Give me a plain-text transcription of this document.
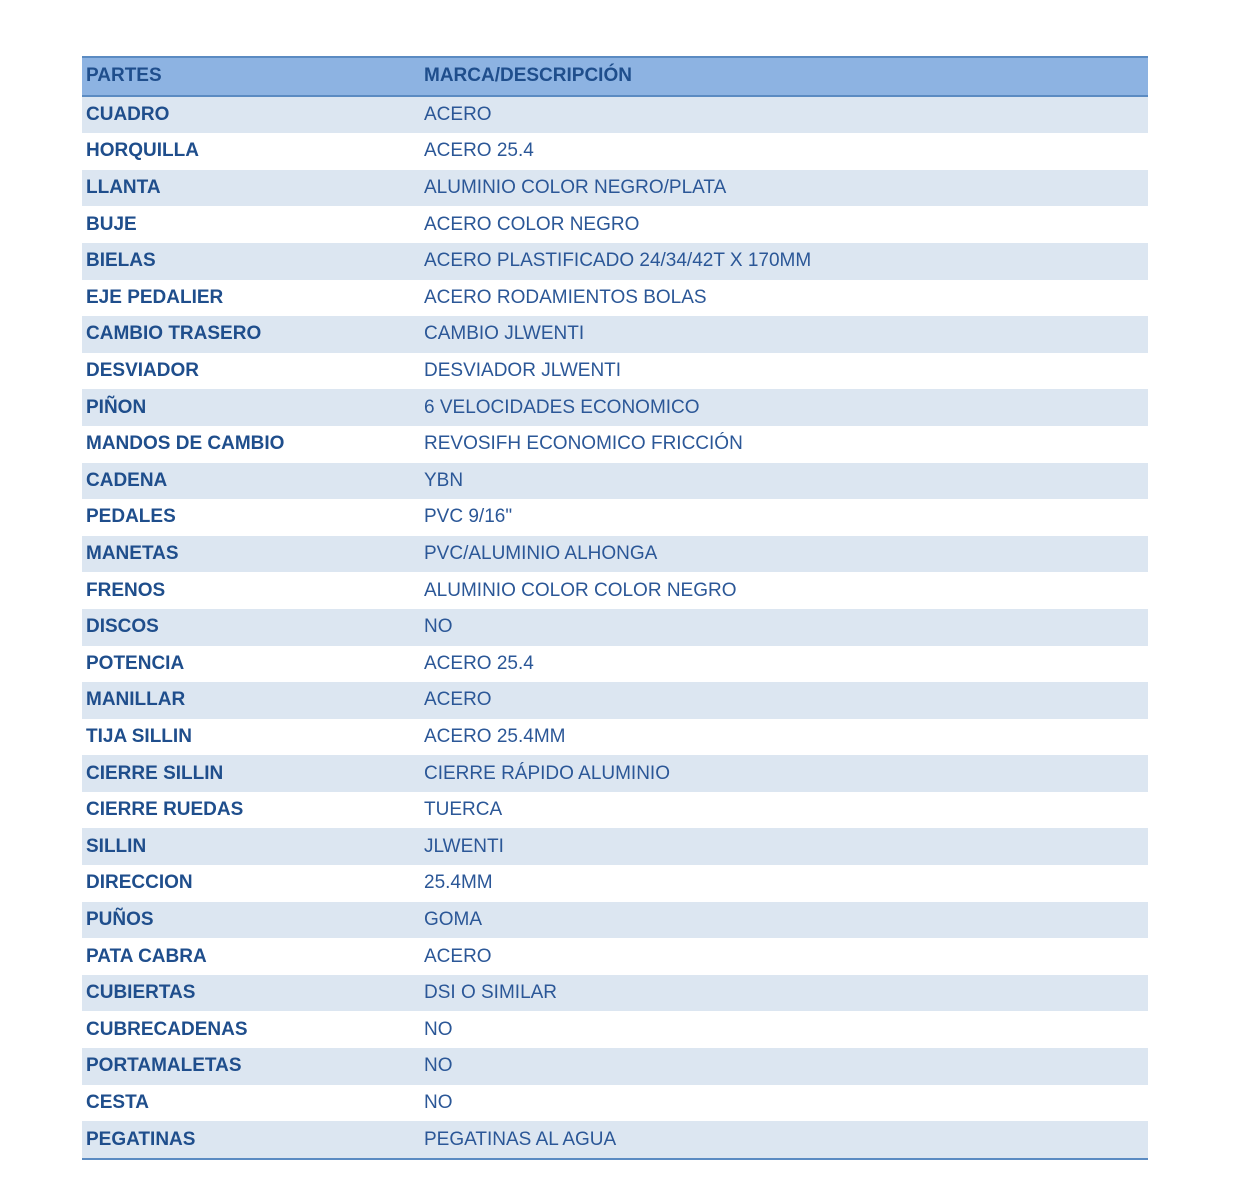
PARTES	MARCA/DESCRIPCIÓN
CUADRO	ACERO
HORQUILLA	ACERO 25.4
LLANTA	ALUMINIO COLOR NEGRO/PLATA
BUJE	ACERO COLOR NEGRO
BIELAS	ACERO PLASTIFICADO 24/34/42T X 170MM
EJE PEDALIER	ACERO RODAMIENTOS BOLAS
CAMBIO TRASERO	CAMBIO JLWENTI
DESVIADOR	DESVIADOR JLWENTI
PIÑON	6 VELOCIDADES ECONOMICO
MANDOS DE CAMBIO	REVOSIFH ECONOMICO FRICCIÓN
CADENA	YBN
PEDALES	PVC 9/16"
MANETAS	PVC/ALUMINIO ALHONGA
FRENOS	ALUMINIO COLOR COLOR NEGRO
DISCOS	NO
POTENCIA	ACERO 25.4
MANILLAR	ACERO
TIJA SILLIN	ACERO 25.4MM
CIERRE SILLIN	CIERRE RÁPIDO ALUMINIO
CIERRE RUEDAS	TUERCA
SILLIN	JLWENTI
DIRECCION	25.4MM
PUÑOS	GOMA
PATA CABRA	ACERO
CUBIERTAS	DSI O SIMILAR
CUBRECADENAS	NO
PORTAMALETAS	NO
CESTA	NO
PEGATINAS	PEGATINAS AL AGUA
